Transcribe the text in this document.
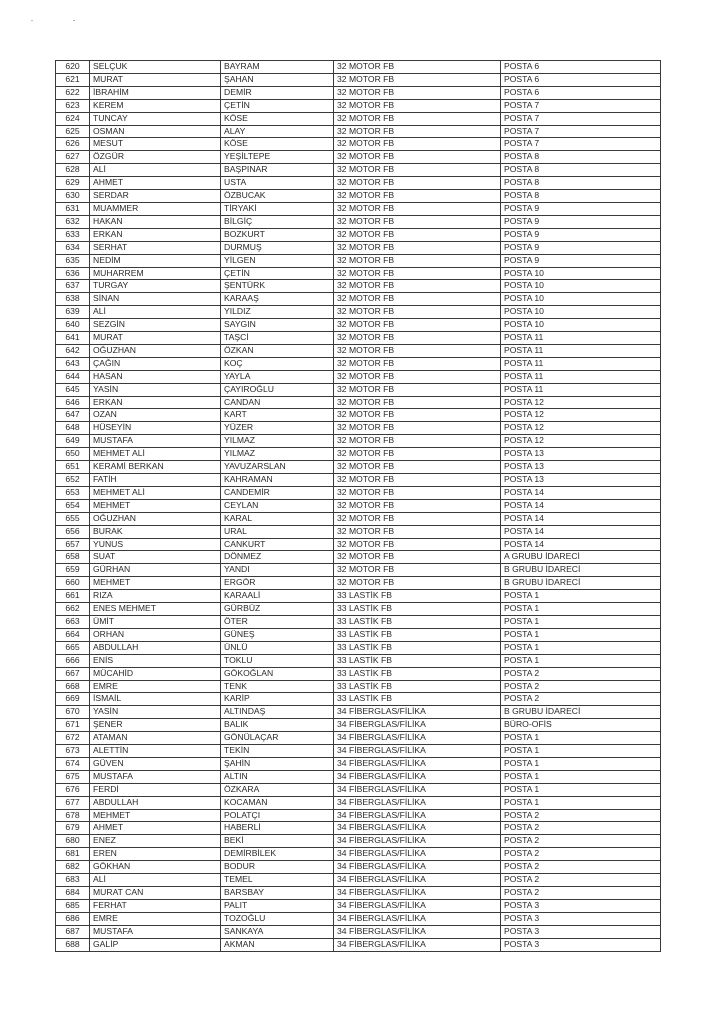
620	SELÇUK	BAYRAM	32 MOTOR FB	POSTA 6
621	MURAT	ŞAHAN	32 MOTOR FB	POSTA 6
622	İBRAHİM	DEMİR	32 MOTOR FB	POSTA 6
623	KEREM	ÇETİN	32 MOTOR FB	POSTA 7
624	TUNCAY	KÖSE	32 MOTOR FB	POSTA 7
625	OSMAN	ALAY	32 MOTOR FB	POSTA 7
626	MESUT	KÖSE	32 MOTOR FB	POSTA 7
627	ÖZGÜR	YEŞİLTEPE	32 MOTOR FB	POSTA 8
628	ALİ	BAŞPINAR	32 MOTOR FB	POSTA 8
629	AHMET	USTA	32 MOTOR FB	POSTA 8
630	SERDAR	ÖZBUCAK	32 MOTOR FB	POSTA 8
631	MUAMMER	TİRYAKİ	32 MOTOR FB	POSTA 9
632	HAKAN	BİLGİÇ	32 MOTOR FB	POSTA 9
633	ERKAN	BOZKURT	32 MOTOR FB	POSTA 9
634	SERHAT	DURMUŞ	32 MOTOR FB	POSTA 9
635	NEDİM	YİLGEN	32 MOTOR FB	POSTA 9
636	MUHARREM	ÇETİN	32 MOTOR FB	POSTA 10
637	TURGAY	ŞENTÜRK	32 MOTOR FB	POSTA 10
638	SİNAN	KARAAŞ	32 MOTOR FB	POSTA 10
639	ALİ	YILDIZ	32 MOTOR FB	POSTA 10
640	SEZGİN	SAYGIN	32 MOTOR FB	POSTA 10
641	MURAT	TAŞCİ	32 MOTOR FB	POSTA 11
642	OĞUZHAN	ÖZKAN	32 MOTOR FB	POSTA 11
643	ÇAĞIN	KOÇ	32 MOTOR FB	POSTA 11
644	HASAN	YAYLA	32 MOTOR FB	POSTA 11
645	YASİN	ÇAYIROĞLU	32 MOTOR FB	POSTA 11
646	ERKAN	CANDAN	32 MOTOR FB	POSTA 12
647	OZAN	KART	32 MOTOR FB	POSTA 12
648	HÜSEYİN	YÜZER	32 MOTOR FB	POSTA 12
649	MUSTAFA	YILMAZ	32 MOTOR FB	POSTA 12
650	MEHMET ALİ	YILMAZ	32 MOTOR FB	POSTA 13
651	KERAMİ BERKAN	YAVUZARSLAN	32 MOTOR FB	POSTA 13
652	FATİH	KAHRAMAN	32 MOTOR FB	POSTA 13
653	MEHMET ALİ	CANDEMİR	32 MOTOR FB	POSTA 14
654	MEHMET	CEYLAN	32 MOTOR FB	POSTA 14
655	OĞUZHAN	KARAL	32 MOTOR FB	POSTA 14
656	BURAK	URAL	32 MOTOR FB	POSTA 14
657	YUNUS	CANKURT	32 MOTOR FB	POSTA 14
658	SUAT	DÖNMEZ	32 MOTOR FB	A GRUBU İDARECİ
659	GÜRHAN	YANDI	32 MOTOR FB	B GRUBU İDARECİ
660	MEHMET	ERGÖR	32 MOTOR FB	B GRUBU İDARECİ
661	RIZA	KARAALİ	33 LASTİK FB	POSTA 1
662	ENES MEHMET	GÜRBÜZ	33 LASTİK FB	POSTA 1
663	ÜMİT	ÖTER	33 LASTİK FB	POSTA 1
664	ORHAN	GÜNEŞ	33 LASTİK FB	POSTA 1
665	ABDULLAH	ÜNLÜ	33 LASTİK FB	POSTA 1
666	ENİS	TOKLU	33 LASTİK FB	POSTA 1
667	MÜCAHİD	GÖKOĞLAN	33 LASTİK FB	POSTA 2
668	EMRE	TENK	33 LASTİK FB	POSTA 2
669	İSMAİL	KARİP	33 LASTİK FB	POSTA 2
670	YASİN	ALTINDAŞ	34 FİBERGLAS/FİLİKA	B GRUBU İDARECİ
671	ŞENER	BALIK	34 FİBERGLAS/FİLİKA	BÜRO-OFİS
672	ATAMAN	GÖNÜLAÇAR	34 FİBERGLAS/FİLİKA	POSTA 1
673	ALETTİN	TEKİN	34 FİBERGLAS/FİLİKA	POSTA 1
674	GÜVEN	ŞAHİN	34 FİBERGLAS/FİLİKA	POSTA 1
675	MUSTAFA	ALTIN	34 FİBERGLAS/FİLİKA	POSTA 1
676	FERDİ	ÖZKARA	34 FİBERGLAS/FİLİKA	POSTA 1
677	ABDULLAH	KOCAMAN	34 FİBERGLAS/FİLİKA	POSTA 1
678	MEHMET	POLATÇI	34 FİBERGLAS/FİLİKA	POSTA 2
679	AHMET	HABERLİ	34 FİBERGLAS/FİLİKA	POSTA 2
680	ENEZ	BEKİ	34 FİBERGLAS/FİLİKA	POSTA 2
681	EREN	DEMİRBİLEK	34 FİBERGLAS/FİLİKA	POSTA 2
682	GÖKHAN	BODUR	34 FİBERGLAS/FİLİKA	POSTA 2
683	ALİ	TEMEL	34 FİBERGLAS/FİLİKA	POSTA 2
684	MURAT CAN	BARSBAY	34 FİBERGLAS/FİLİKA	POSTA 2
685	FERHAT	PALIT	34 FİBERGLAS/FİLİKA	POSTA 3
686	EMRE	TOZOĞLU	34 FİBERGLAS/FİLİKA	POSTA 3
687	MUSTAFA	SANKAYA	34 FİBERGLAS/FİLİKA	POSTA 3
688	GALİP	AKMAN	34 FİBERGLAS/FİLİKA	POSTA 3
